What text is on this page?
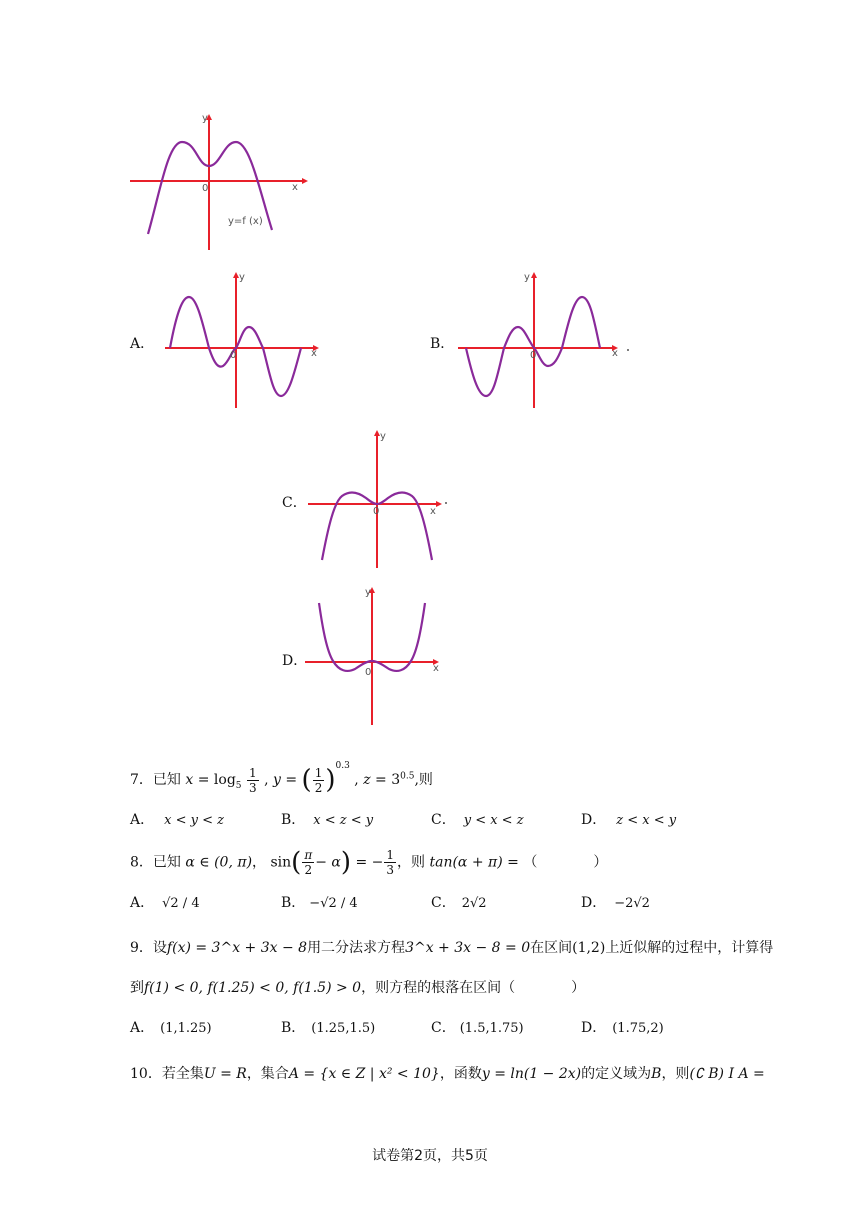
y
x
0
y=f (x)
A．
y
x
0
B．
y
x
0
C．
y
x
0
D．
y
x
0
7．已知 $x = \log_5 \frac{1}{3}$ , y = ( $\frac{1}{2} )^{0.3}$ , $z = 3^{0.5}$,则
A． x < y < z	B． x < z < y	C． y < x < z	D． z < x < y
8．已知 α ∈ (0, π)， $\sin( \frac{\pi}{2} - \alpha)$ = − $\frac{1}{3}$ ，则 tan(α + π) = （　　　　）
A． √2 / 4	B． −√2 / 4	C． 2√2	D． −2√2
9．设f(x) = 3^x + 3x − 8用二分法求方程3^x + 3x − 8 = 0在区间(1,2)上近似解的过程中，计算得
到f(1) < 0, f(1.25) < 0, f(1.5) > 0，则方程的根落在区间（　　　　）
A． (1,1.25)	B． (1.25,1.5)	C． (1.5,1.75)	D． (1.75,2)
10．若全集U = R，集合A = {x ∈ Z | x² < 10}，函数y = ln(1 − 2x)的定义域为B，则(∁ B) I A =
试卷第2页，共5页
